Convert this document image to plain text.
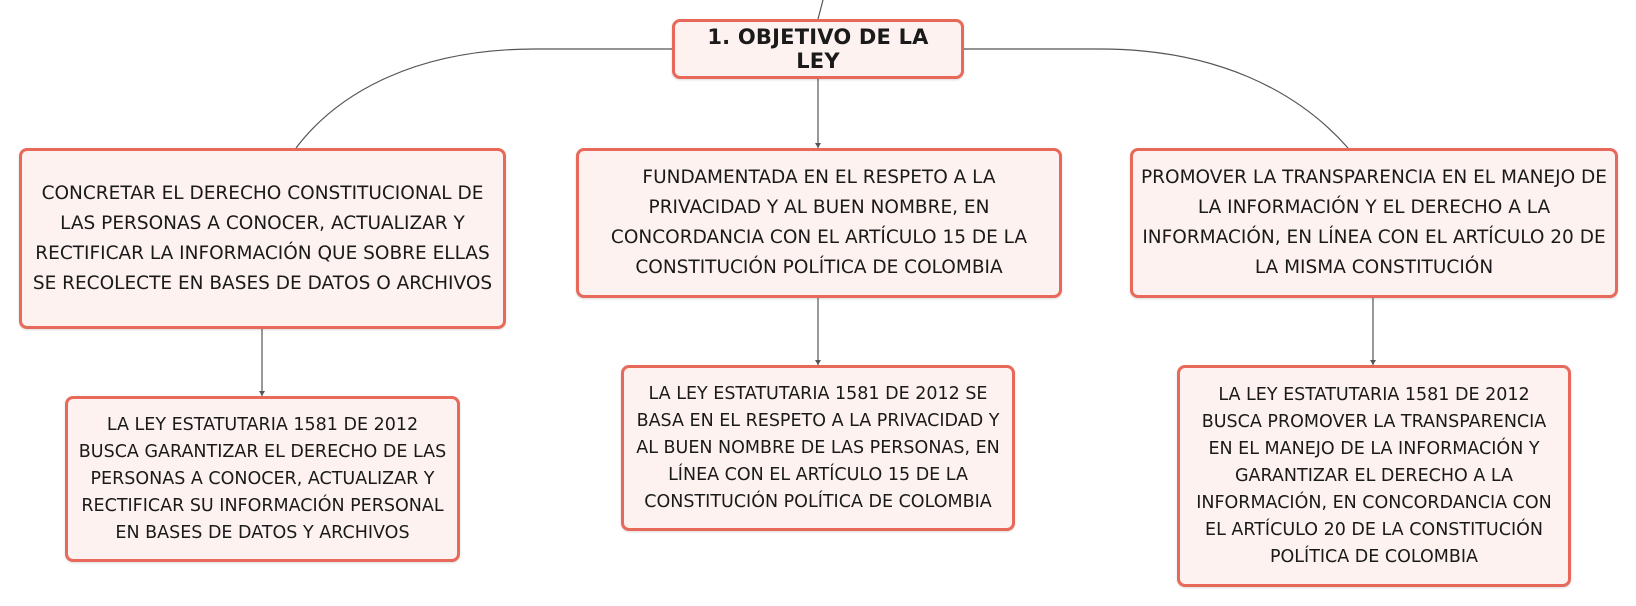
1. OBJETIVO DE LA LEY
CONCRETAR EL DERECHO CONSTITUCIONAL DE LAS PERSONAS A CONOCER, ACTUALIZAR Y RECTIFICAR LA INFORMACIÓN QUE SOBRE ELLAS SE RECOLECTE EN BASES DE DATOS O ARCHIVOS
FUNDAMENTADA EN EL RESPETO A LA PRIVACIDAD Y AL BUEN NOMBRE, EN CONCORDANCIA CON EL ARTÍCULO 15 DE LA CONSTITUCIÓN POLÍTICA DE COLOMBIA
PROMOVER LA TRANSPARENCIA EN EL MANEJO DE LA INFORMACIÓN Y EL DERECHO A LA INFORMACIÓN, EN LÍNEA CON EL ARTÍCULO 20 DE LA MISMA CONSTITUCIÓN
LA LEY ESTATUTARIA 1581 DE 2012 BUSCA GARANTIZAR EL DERECHO DE LAS PERSONAS A CONOCER, ACTUALIZAR Y RECTIFICAR SU INFORMACIÓN PERSONAL EN BASES DE DATOS Y ARCHIVOS
LA LEY ESTATUTARIA 1581 DE 2012 SE BASA EN EL RESPETO A LA PRIVACIDAD Y AL BUEN NOMBRE DE LAS PERSONAS, EN LÍNEA CON EL ARTÍCULO 15 DE LA CONSTITUCIÓN POLÍTICA DE COLOMBIA
LA LEY ESTATUTARIA 1581 DE 2012 BUSCA PROMOVER LA TRANSPARENCIA EN EL MANEJO DE LA INFORMACIÓN Y GARANTIZAR EL DERECHO A LA INFORMACIÓN, EN CONCORDANCIA CON EL ARTÍCULO 20 DE LA CONSTITUCIÓN POLÍTICA DE COLOMBIA
